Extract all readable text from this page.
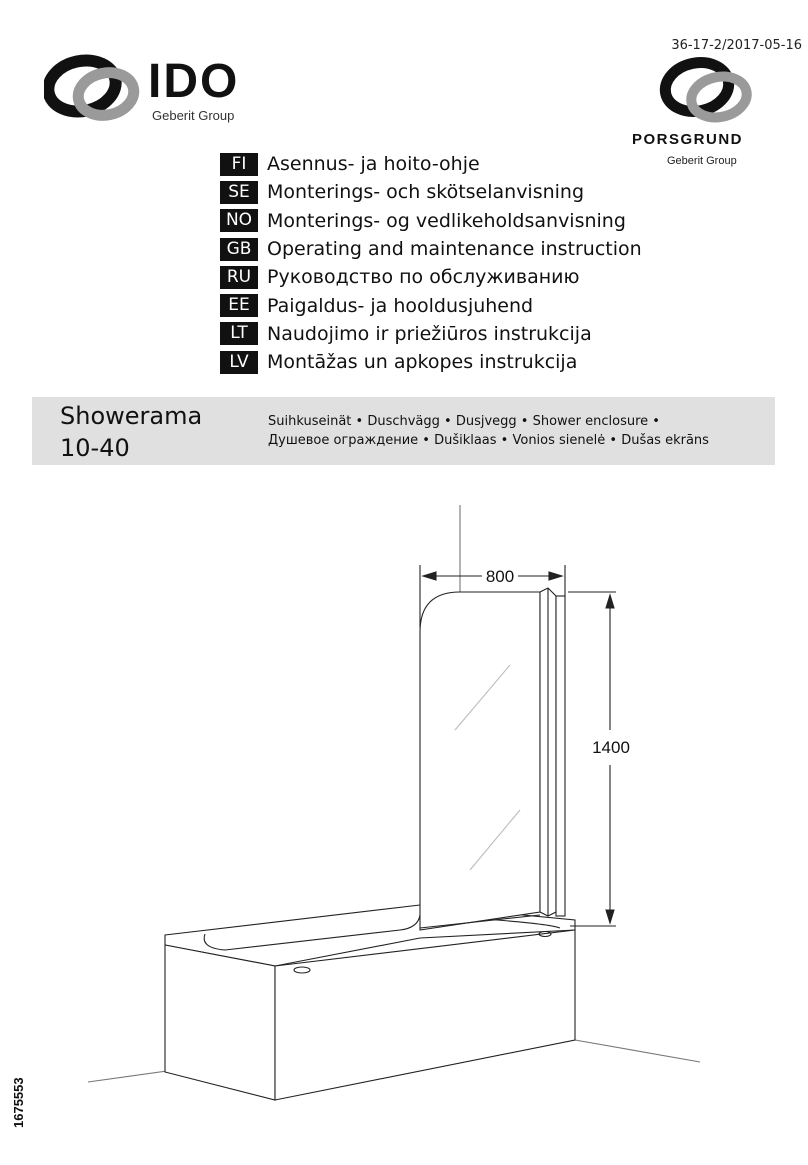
36-17-2/2017-05-16
IDO
Geberit Group
PORSGRUND
Geberit Group
FI	Asennus- ja hoito-ohje
SE Monterings- och skötselanvisning
NO Monterings- og vedlikeholdsanvisning
GB Operating and maintenance instruction
RU Руководство по обслуживанию
EE Paigaldus- ja hooldusjuhend
LT	Naudojimo ir priežiūros instrukcija
LV Montāžas un apkopes instrukcija
Showerama
10-40
Suihkuseinät • Duschvägg • Dusjvegg • Shower enclosure •
Душевое ограждение • Dušiklaas • Vonios sienelė • Dušas ekrāns
800
1400
1675553
